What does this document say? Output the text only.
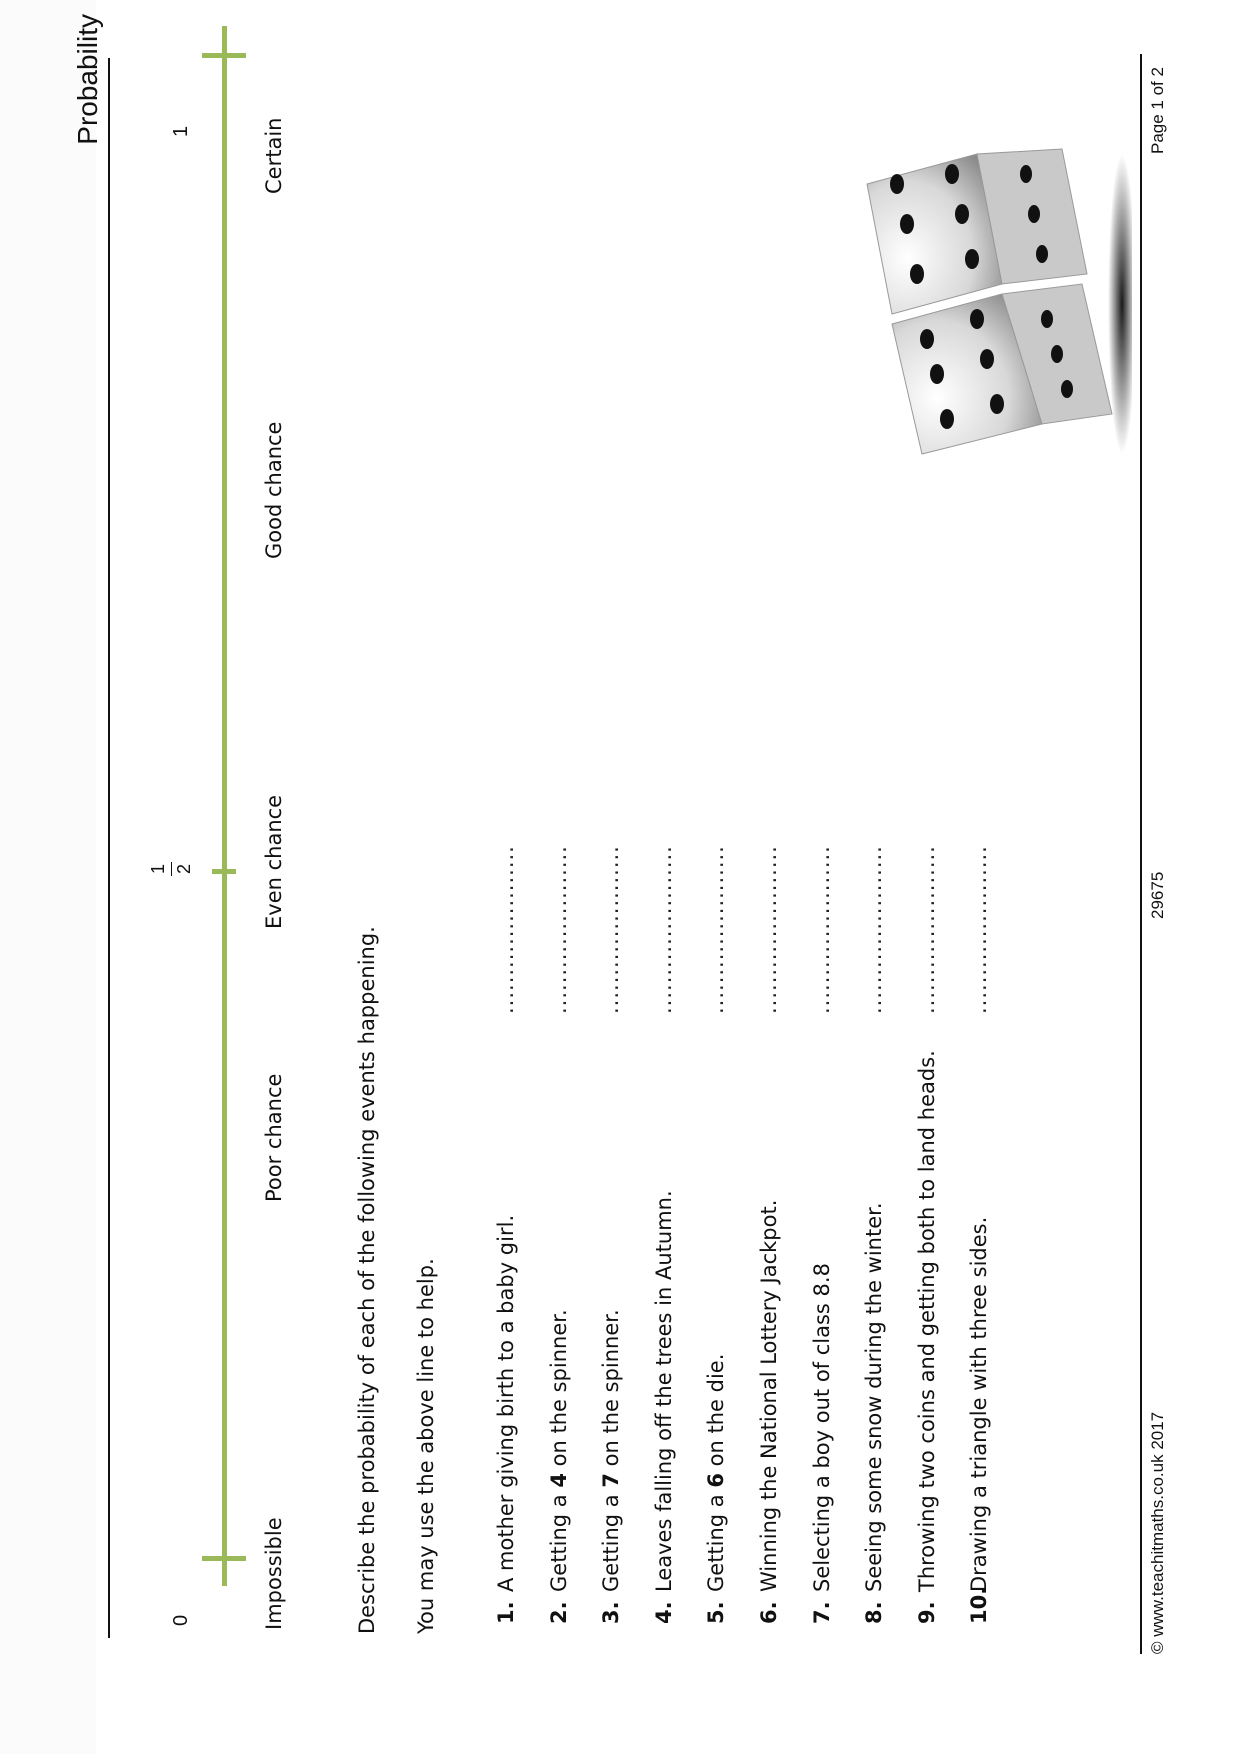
Probability
0
1 2
1
Impossible
Poor chance
Even chance
Good chance
Certain
Describe the probability of each of the following events happening. You may use the above line to help.	© www.teachitmaths.co.uk 2017
29675
Page 1 of 2
1.
A mother giving birth to a baby girl.
......................
2.
Getting a 4 on the spinner.
......................
3.
Getting a 7 on the spinner.
......................
4.
Leaves falling off the trees in Autumn.
......................
5.
Getting a 6 on the die.
......................
6.
Winning the National Lottery Jackpot.
......................
7.
Selecting a boy out of class 8.8
......................
8.
Seeing some snow during the winter.
......................
9.
Throwing two coins and getting both to land heads.
......................
10.
Drawing a triangle with three sides.
......................
